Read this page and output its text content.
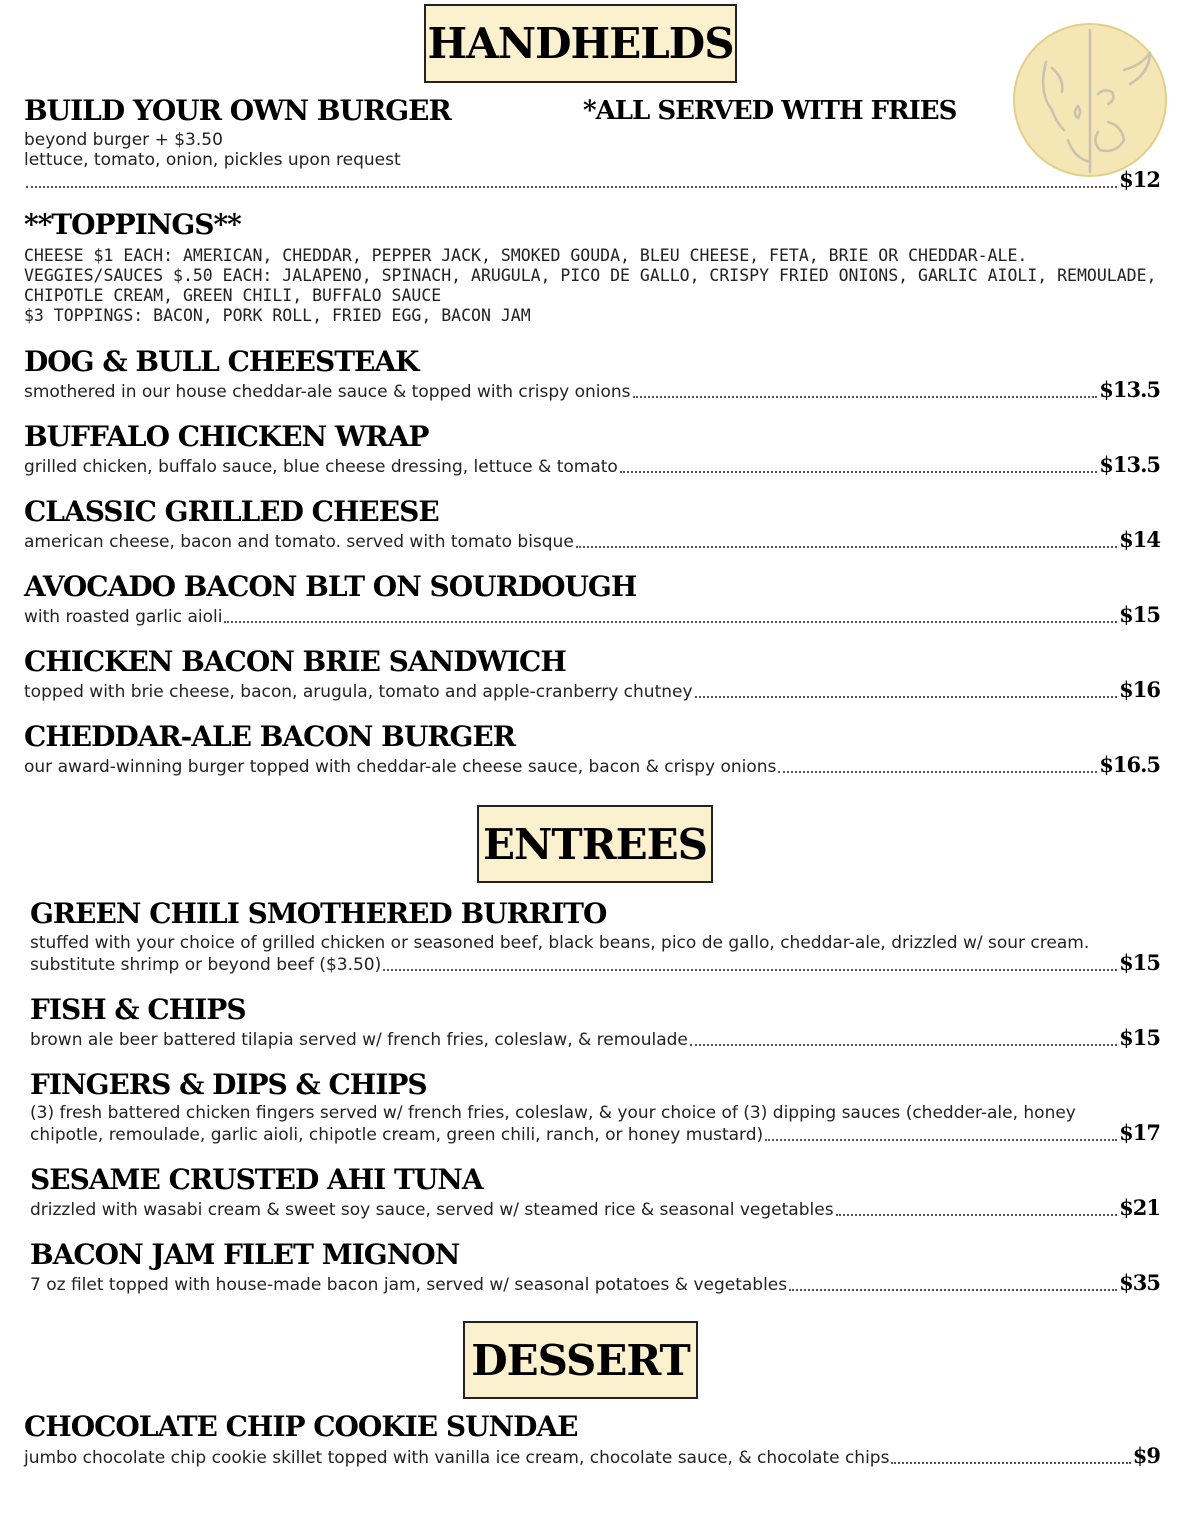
HANDHELDS
BUILD YOUR OWN BURGER	*ALL SERVED WITH FRIES
beyond burger + $3.50
lettuce, tomato, onion, pickles upon request
$12
**TOPPINGS**
CHEESE $1 EACH: AMERICAN, CHEDDAR, PEPPER JACK, SMOKED GOUDA, BLEU CHEESE, FETA, BRIE OR CHEDDAR-ALE.
VEGGIES/SAUCES $.50 EACH: JALAPENO, SPINACH, ARUGULA, PICO DE GALLO, CRISPY FRIED ONIONS, GARLIC AIOLI, REMOULADE,
CHIPOTLE CREAM, GREEN CHILI, BUFFALO SAUCE
$3 TOPPINGS: BACON, PORK ROLL, FRIED EGG, BACON JAM
DOG & BULL CHEESTEAK
smothered in our house cheddar-ale sauce & topped with crispy onions	$13.5
BUFFALO CHICKEN WRAP
grilled chicken, buffalo sauce, blue cheese dressing, lettuce & tomato	$13.5
CLASSIC GRILLED CHEESE
american cheese, bacon and tomato. served with tomato bisque	$14
AVOCADO BACON BLT ON SOURDOUGH
with roasted garlic aioli	$15
CHICKEN BACON BRIE SANDWICH
topped with brie cheese, bacon, arugula, tomato and apple-cranberry chutney	$16
CHEDDAR-ALE BACON BURGER
our award-winning burger topped with cheddar-ale cheese sauce, bacon & crispy onions	$16.5
ENTREES
GREEN CHILI SMOTHERED BURRITO
stuffed with your choice of grilled chicken or seasoned beef, black beans, pico de gallo, cheddar-ale, drizzled w/ sour cream.
substitute shrimp or beyond beef ($3.50)	$15
FISH & CHIPS
brown ale beer battered tilapia served w/ french fries, coleslaw, & remoulade	$15
FINGERS & DIPS & CHIPS
(3) fresh battered chicken fingers served w/ french fries, coleslaw, & your choice of (3) dipping sauces (chedder-ale, honey
chipotle, remoulade, garlic aioli, chipotle cream, green chili, ranch, or honey mustard)	$17
SESAME CRUSTED AHI TUNA
drizzled with wasabi cream & sweet soy sauce, served w/ steamed rice & seasonal vegetables	$21
BACON JAM FILET MIGNON
7 oz filet topped with house-made bacon jam, served w/ seasonal potatoes & vegetables	$35
DESSERT
CHOCOLATE CHIP COOKIE SUNDAE
jumbo chocolate chip cookie skillet topped with vanilla ice cream, chocolate sauce, & chocolate chips	$9
